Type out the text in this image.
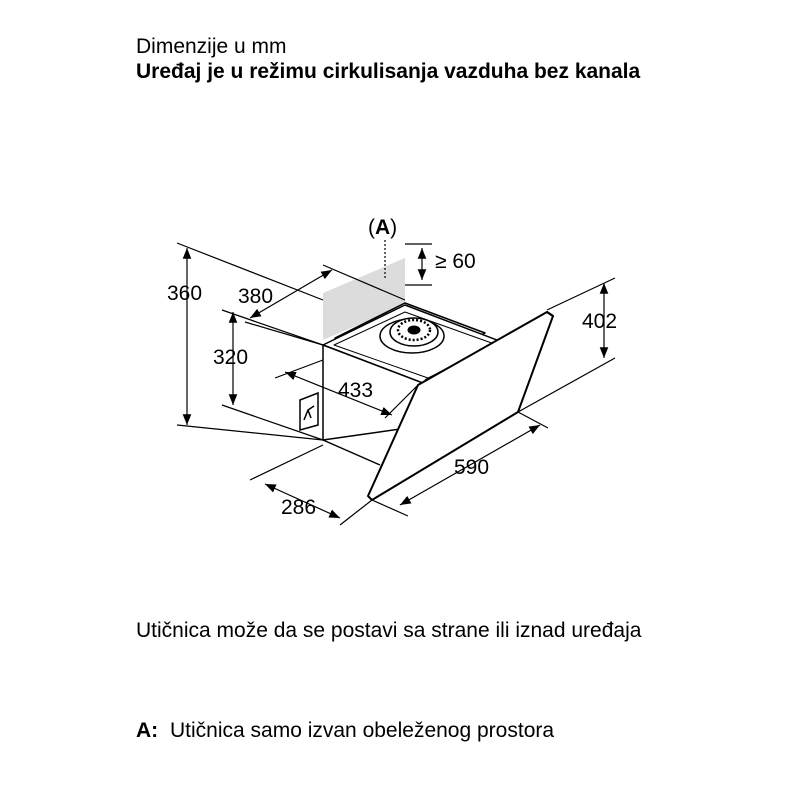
Dimenzije u mm
Uređaj je u režimu cirkulisanja vazduha bez kanala
(A)
≥ 60
360 380
320
433
402
590
286
Utičnica može da se postavi sa strane ili iznad uređaja
A: Utičnica samo izvan obeleženog prostora
